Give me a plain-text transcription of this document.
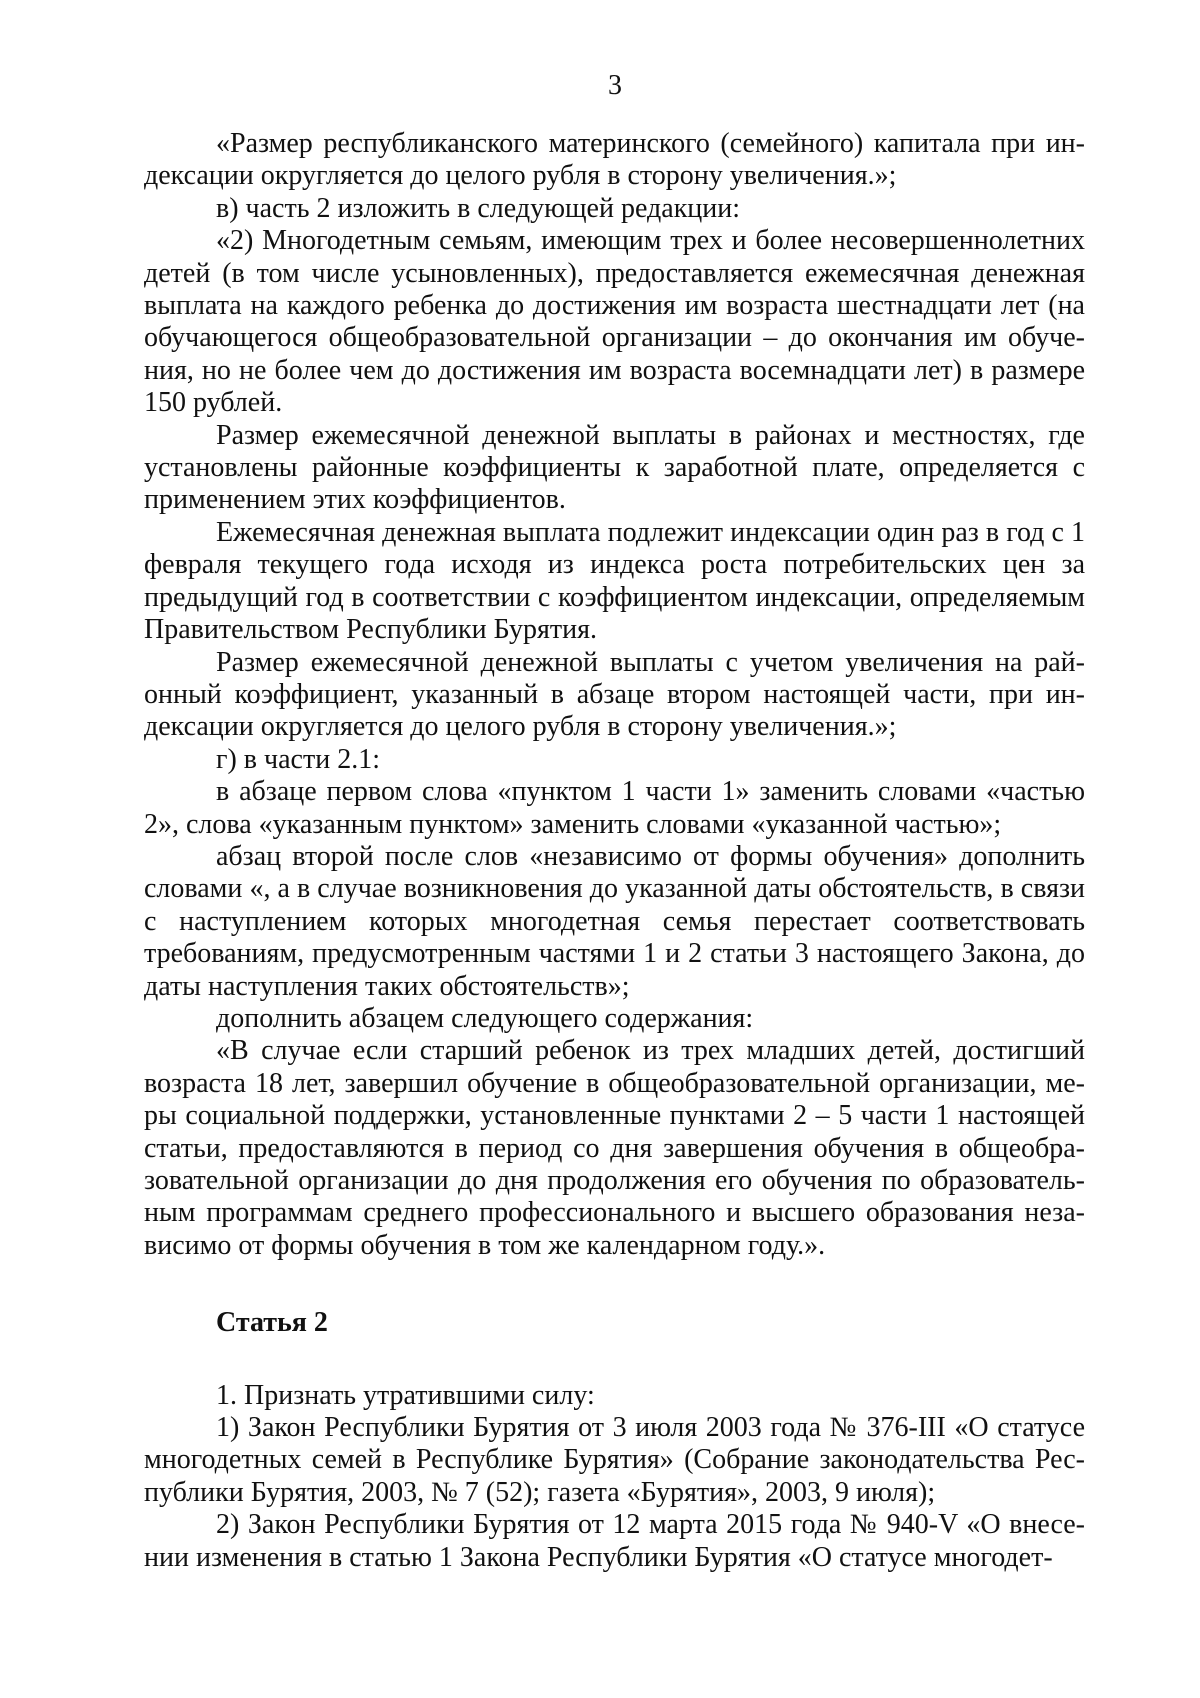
3

«Размер республиканского материнского (семейного) капитала при индексации округляется до целого рубля в сторону увеличения.»;

в) часть 2 изложить в следующей редакции:

«2) Многодетным семьям, имеющим трех и более несовершеннолетних детей (в том числе усыновленных), предоставляется ежемесячная денежная выплата на каждого ребенка до достижения им возраста шестнадцати лет (на обучающегося общеобразовательной организации – до окончания им обучения, но не более чем до достижения им возраста восемнадцати лет) в размере 150 рублей.

Размер ежемесячной денежной выплаты в районах и местностях, где установлены районные коэффициенты к заработной плате, определяется с применением этих коэффициентов.

Ежемесячная денежная выплата подлежит индексации один раз в год с 1 февраля текущего года исходя из индекса роста потребительских цен за предыдущий год в соответствии с коэффициентом индексации, определяемым Правительством Республики Бурятия.

Размер ежемесячной денежной выплаты с учетом увеличения на районный коэффициент, указанный в абзаце втором настоящей части, при индексации округляется до целого рубля в сторону увеличения.»;

г) в части 2.1:

в абзаце первом слова «пунктом 1 части 1» заменить словами «частью 2», слова «указанным пунктом» заменить словами «указанной частью»;

абзац второй после слов «независимо от формы обучения» дополнить словами «, а в случае возникновения до указанной даты обстоятельств, в связи с наступлением которых многодетная семья перестает соответствовать требованиям, предусмотренным частями 1 и 2 статьи 3 настоящего Закона, до даты наступления таких обстоятельств»;

дополнить абзацем следующего содержания:

«В случае если старший ребенок из трех младших детей, достигший возраста 18 лет, завершил обучение в общеобразовательной организации, меры социальной поддержки, установленные пунктами 2 – 5 части 1 настоящей статьи, предоставляются в период со дня завершения обучения в общеобразовательной организации до дня продолжения его обучения по образовательным программам среднего профессионального и высшего образования независимо от формы обучения в том же календарном году.».

Статья 2

1. Признать утратившими силу:

1) Закон Республики Бурятия от 3 июля 2003 года № 376-III «О статусе многодетных семей в Республике Бурятия» (Собрание законодательства Республики Бурятия, 2003, № 7 (52); газета «Бурятия», 2003, 9 июля);

2) Закон Республики Бурятия от 12 марта 2015 года № 940-V «О внесении изменения в статью 1 Закона Республики Бурятия «О статусе многодет-
